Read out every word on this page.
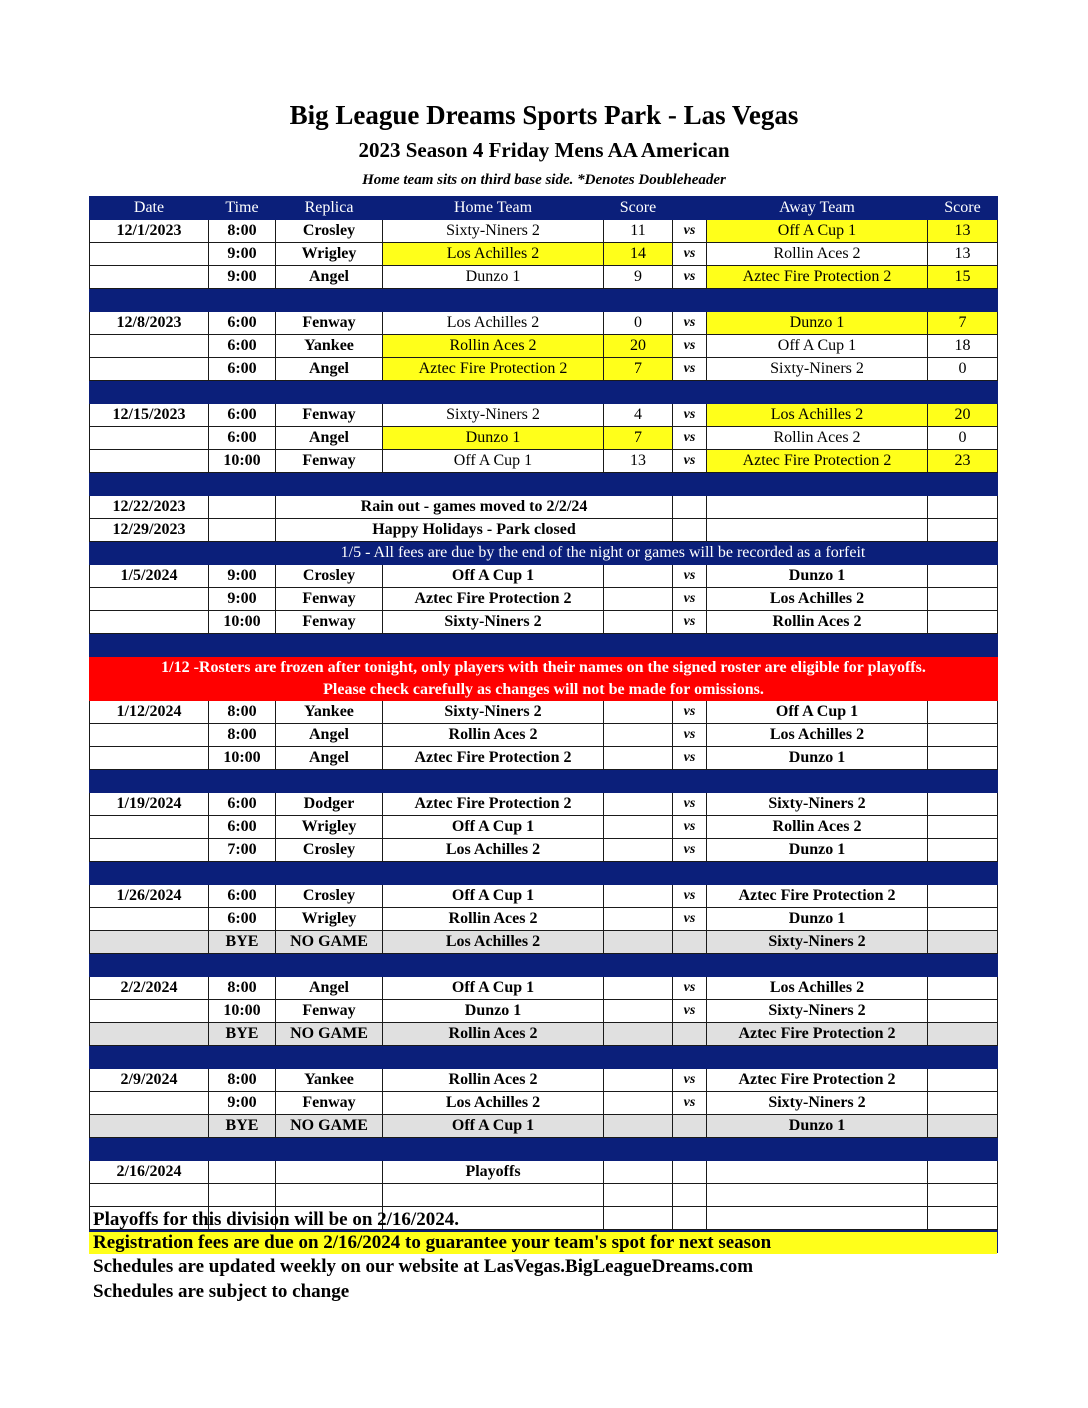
Big League Dreams Sports Park - Las Vegas
2023 Season 4 Friday Mens AA American
Home team sits on third base side. *Denotes Doubleheader
Date	Time	Replica	Home Team	Score		Away Team	Score
12/1/2023	8:00	Crosley	Sixty-Niners 2	11	vs	Off A Cup 1	13
	9:00	Wrigley	Los Achilles 2	14	vs	Rollin Aces 2	13
	9:00	Angel	Dunzo 1	9	vs	Aztec Fire Protection 2	15

12/8/2023	6:00	Fenway	Los Achilles 2	0	vs	Dunzo 1	7
	6:00	Yankee	Rollin Aces 2	20	vs	Off A Cup 1	18
	6:00	Angel	Aztec Fire Protection 2	7	vs	Sixty-Niners 2	0

12/15/2023	6:00	Fenway	Sixty-Niners 2	4	vs	Los Achilles 2	20
	6:00	Angel	Dunzo 1	7	vs	Rollin Aces 2	0
	10:00	Fenway	Off A Cup 1	13	vs	Aztec Fire Protection 2	23

12/22/2023		Rain out - games moved to 2/2/24					
12/29/2023		Happy Holidays - Park closed					
	1/5 - All fees are due by the end of the night or games will be recorded as a forfeit						
1/5/2024	9:00	Crosley	Off A Cup 1		vs	Dunzo 1	
	9:00	Fenway	Aztec Fire Protection 2		vs	Los Achilles 2	
	10:00	Fenway	Sixty-Niners 2		vs	Rollin Aces 2	

1/12 -Rosters are frozen after tonight, only players with their names on the signed roster are eligible for playoffs.							
Please check carefully as changes will not be made for omissions.							
1/12/2024	8:00	Yankee	Sixty-Niners 2		vs	Off A Cup 1	
	8:00	Angel	Rollin Aces 2		vs	Los Achilles 2	
	10:00	Angel	Aztec Fire Protection 2		vs	Dunzo 1	

1/19/2024	6:00	Dodger	Aztec Fire Protection 2		vs	Sixty-Niners 2	
	6:00	Wrigley	Off A Cup 1		vs	Rollin Aces 2	
	7:00	Crosley	Los Achilles 2		vs	Dunzo 1	

1/26/2024	6:00	Crosley	Off A Cup 1		vs	Aztec Fire Protection 2	
	6:00	Wrigley	Rollin Aces 2		vs	Dunzo 1	
	BYE	NO GAME	Los Achilles 2			Sixty-Niners 2	

2/2/2024	8:00	Angel	Off A Cup 1		vs	Los Achilles 2	
	10:00	Fenway	Dunzo 1		vs	Sixty-Niners 2	
	BYE	NO GAME	Rollin Aces 2			Aztec Fire Protection 2	

2/9/2024	8:00	Yankee	Rollin Aces 2		vs	Aztec Fire Protection 2	
	9:00	Fenway	Los Achilles 2		vs	Sixty-Niners 2	
	BYE	NO GAME	Off A Cup 1			Dunzo 1	

2/16/2024			Playoffs				

Playoffs for this division will be on 2/16/2024.
Registration fees are due on 2/16/2024 to guarantee your team's spot for next season
Schedules are updated weekly on our website at LasVegas.BigLeagueDreams.com
Schedules are subject to change
